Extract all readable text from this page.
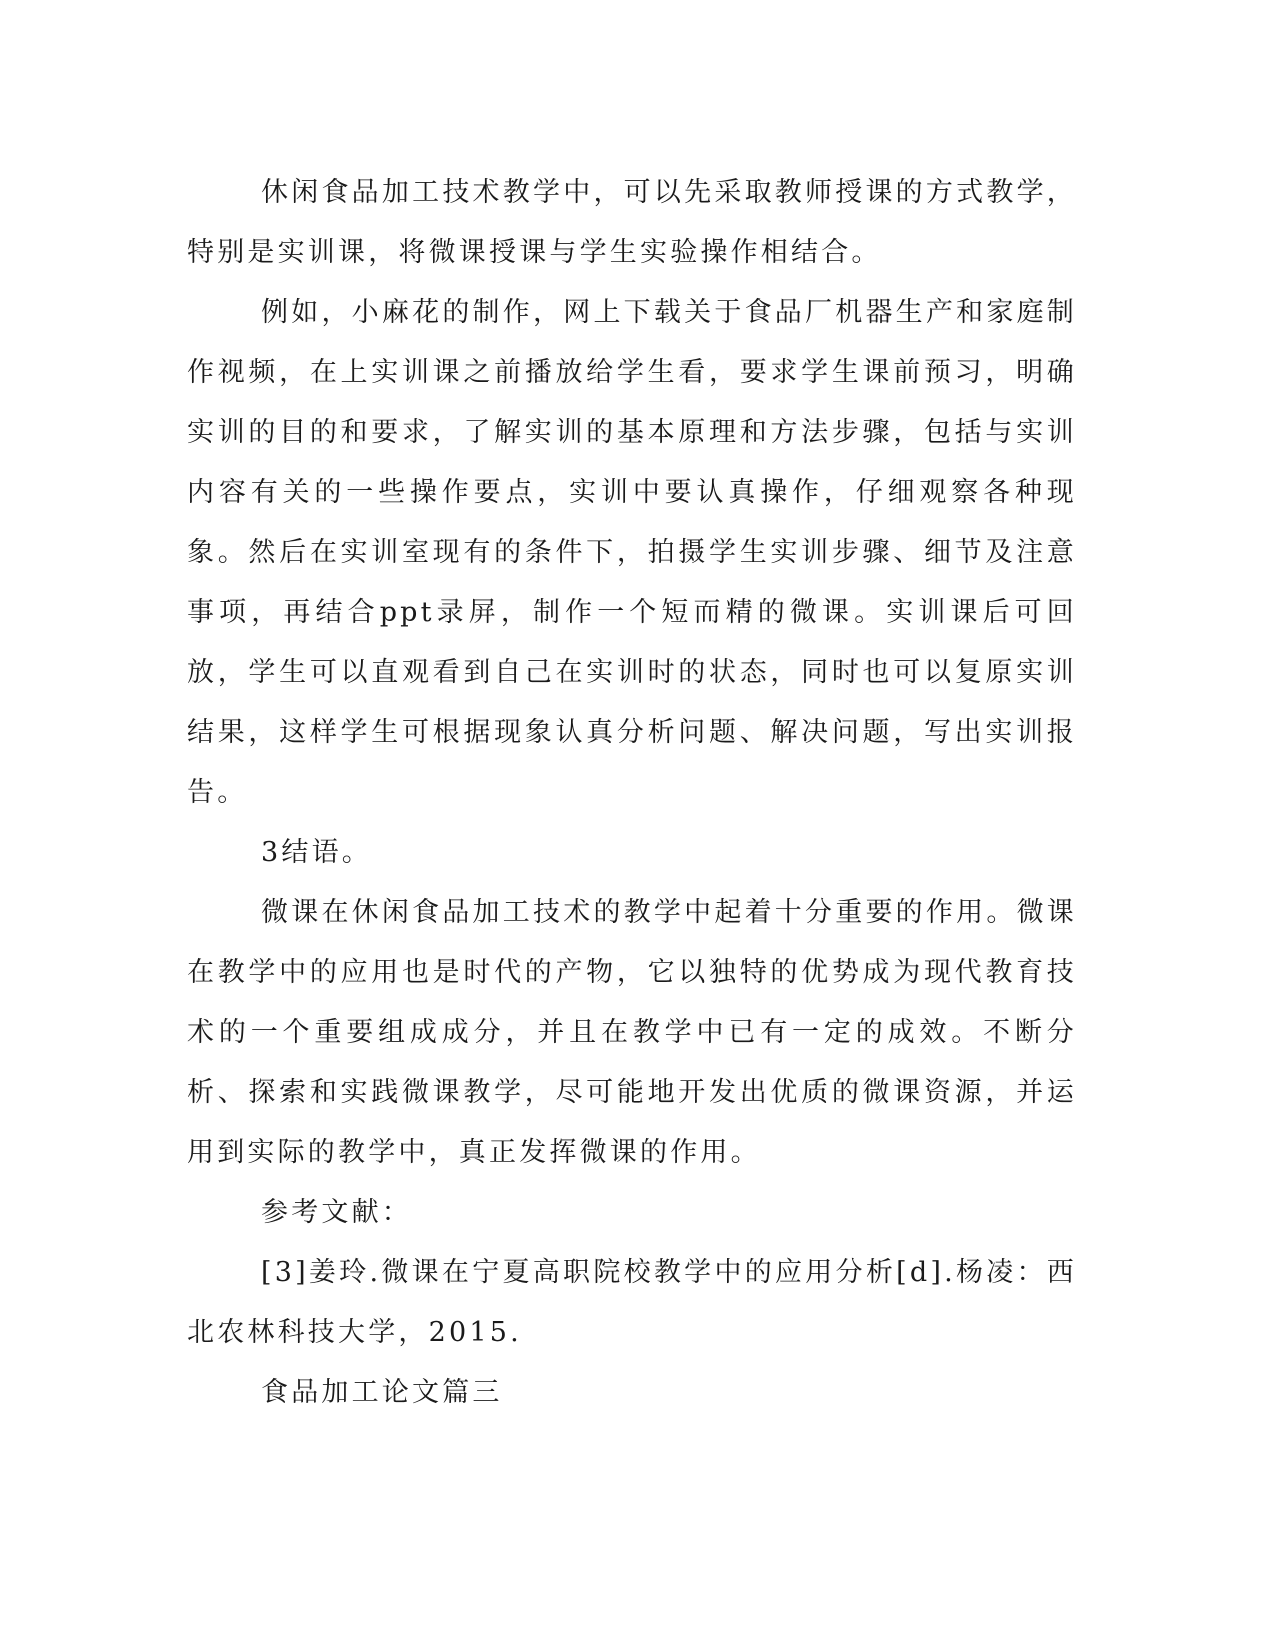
休闲食品加工技术教学中，可以先采取教师授课的方式教学，特别是实训课，将微课授课与学生实验操作相结合。

例如，小麻花的制作，网上下载关于食品厂机器生产和家庭制作视频，在上实训课之前播放给学生看，要求学生课前预习，明确实训的目的和要求，了解实训的基本原理和方法步骤，包括与实训内容有关的一些操作要点，实训中要认真操作，仔细观察各种现象。然后在实训室现有的条件下，拍摄学生实训步骤、细节及注意事项，再结合ppt录屏，制作一个短而精的微课。实训课后可回放，学生可以直观看到自己在实训时的状态，同时也可以复原实训结果，这样学生可根据现象认真分析问题、解决问题，写出实训报告。

3结语。

微课在休闲食品加工技术的教学中起着十分重要的作用。微课在教学中的应用也是时代的产物，它以独特的优势成为现代教育技术的一个重要组成成分，并且在教学中已有一定的成效。不断分析、探索和实践微课教学，尽可能地开发出优质的微课资源，并运用到实际的教学中，真正发挥微课的作用。

参考文献：

[3]姜玲.微课在宁夏高职院校教学中的应用分析[d].杨凌：西北农林科技大学，2015.

食品加工论文篇三
